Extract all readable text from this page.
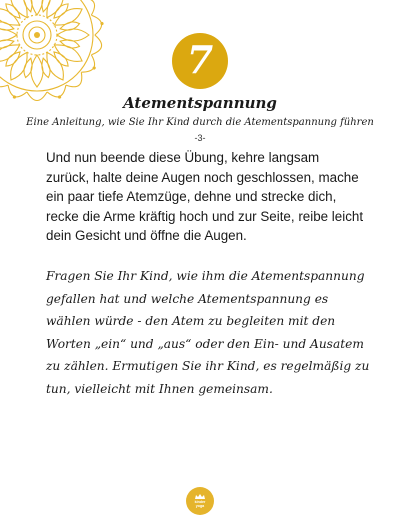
7
Atementspannung
Eine Anleitung, wie Sie Ihr Kind durch die Atementspannung führen
-3-

Und nun beende diese Übung, kehre langsam zurück, halte deine Augen noch geschlossen, mache ein paar tiefe Atemzüge, dehne und strecke dich, recke die Arme kräftig hoch und zur Seite, reibe leicht dein Gesicht und öffne die Augen.

Fragen Sie Ihr Kind, wie ihm die Atementspannung gefallen hat und welche Atementspannung es wählen würde - den Atem zu begleiten mit den Worten „ein“ und „aus“ oder den Ein- und Ausatem zu zählen. Ermutigen Sie ihr Kind, es regelmäßig zu tun, vielleicht mit Ihnen gemeinsam.

kinder
yoga
